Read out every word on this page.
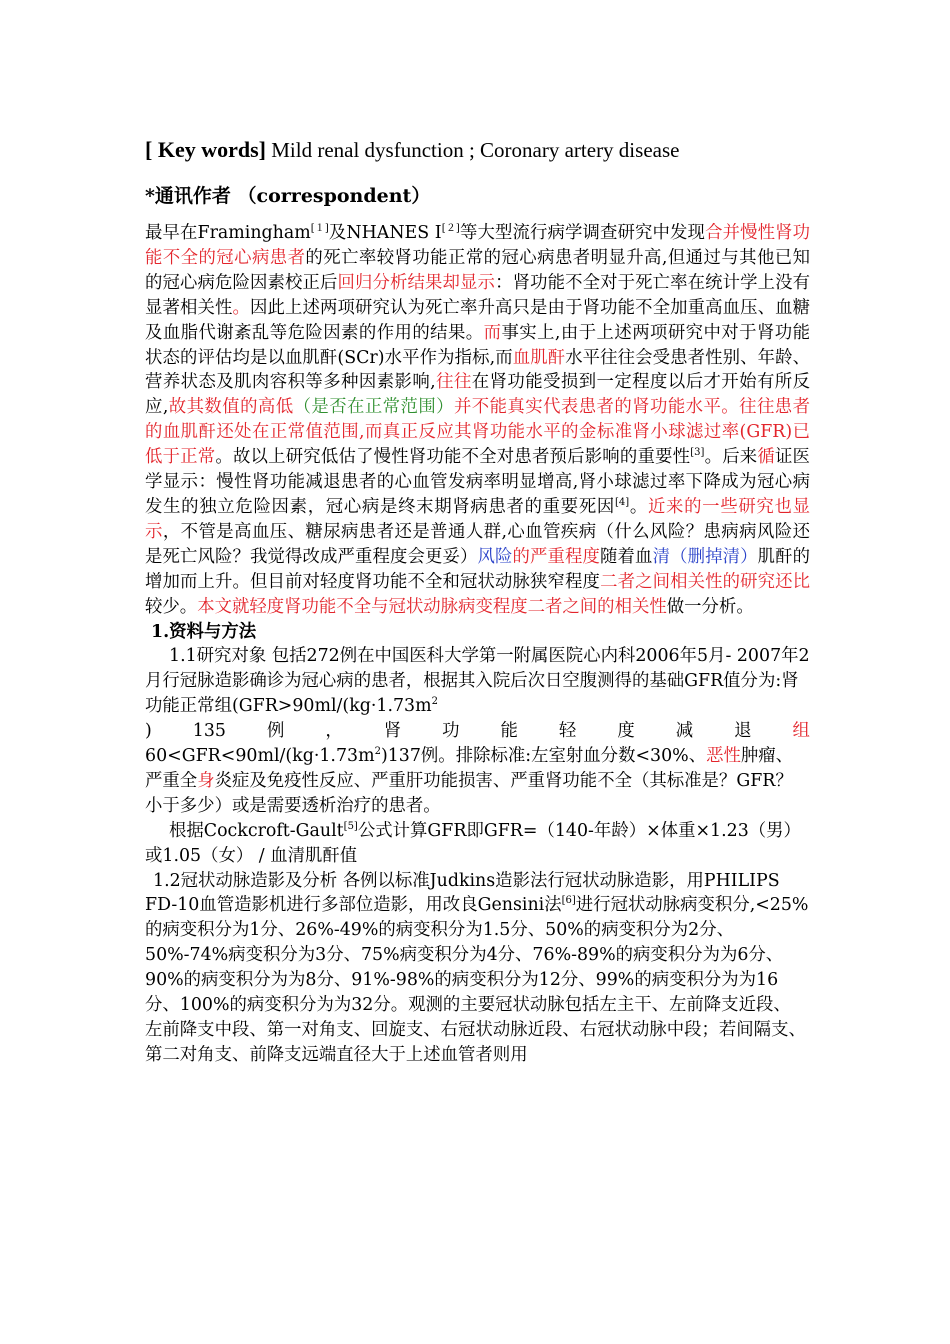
[ Key words] Mild renal dysfunction ; Coronary artery disease
*通讯作者 （correspondent）
最早在Framingham[１]及NHANES Ⅰ[２]等大型流行病学调查研究中发现合并慢性肾功能不全的冠心病患者的死亡率较肾功能正常的冠心病患者明显升高,但通过与其他已知的冠心病危险因素校正后回归分析结果却显示：肾功能不全对于死亡率在统计学上没有显著相关性。因此上述两项研究认为死亡率升高只是由于肾功能不全加重高血压、血糖及血脂代谢紊乱等危险因素的作用的结果。而事实上,由于上述两项研究中对于肾功能状态的评估均是以血肌酐(SCr)水平作为指标,而血肌酐水平往往会受患者性别、年龄、营养状态及肌肉容积等多种因素影响,往往在肾功能受损到一定程度以后才开始有所反应,故其数值的高低（是否在正常范围）并不能真实代表患者的肾功能水平。往往患者的血肌酐还处在正常值范围,而真正反应其肾功能水平的金标准肾小球滤过率(GFR)已低于正常。故以上研究低估了慢性肾功能不全对患者预后影响的重要性[3]。后来循证医学显示：慢性肾功能减退患者的心血管发病率明显增高,肾小球滤过率下降成为冠心病发生的独立危险因素，冠心病是终末期肾病患者的重要死因[4]。近来的一些研究也显示，不管是高血压、糖尿病患者还是普通人群,心血管疾病（什么风险？患病病风险还是死亡风险？我觉得改成严重程度会更妥）风险的严重程度随着血清（删掉清）肌酐的增加而上升。但目前对轻度肾功能不全和冠状动脉狭窄程度二者之间相关性的研究还比较少。本文就轻度肾功能不全与冠状动脉病变程度二者之间的相关性做一分析。

1.资料与方法

1.1研究对象 包括272例在中国医科大学第一附属医院心内科2006年5月- 2007年2月行冠脉造影确诊为冠心病的患者，根据其入院后次日空腹测得的基础GFR值分为:肾功能正常组($GFR>90ml/(kg\cdot 1.73m^2$

) 135 例 ， 肾 功 能 轻 度 减 退 组

$60<GFR<90ml/(kg\cdot 1.73m^2)137$例。排除标准:左室射血分数<30%、恶性肿瘤、严重全身炎症及免疫性反应、严重肝功能损害、严重肾功能不全（其标准是？GFR？小于多少）或是需要透析治疗的患者。

根据Cockcroft-Gault[5]公式计算GFR即GFR=（140-年龄）×体重×1.23（男）或1.05（女） / 血清肌酐值

1.2冠状动脉造影及分析 各例以标准Judkins造影法行冠状动脉造影，用PHILIPS FD-10血管造影机进行多部位造影，用改良Gensini法[6]进行冠状动脉病变积分,<25%的病变积分为1分、26%-49%的病变积分为1.5分、50%的病变积分为2分、50%-74%病变积分为3分、75%病变积分为4分、76%-89%的病变积分为为6分、90%的病变积分为为8分、91%-98%的病变积分为12分、99%的病变积分为为16分、100%的病变积分为为32分。观测的主要冠状动脉包括左主干、左前降支近段、 左前降支中段、第一对角支、回旋支、右冠状动脉近段、右冠状动脉中段；若间隔支、第二对角支、前降支远端直径大于上述血管者则用
